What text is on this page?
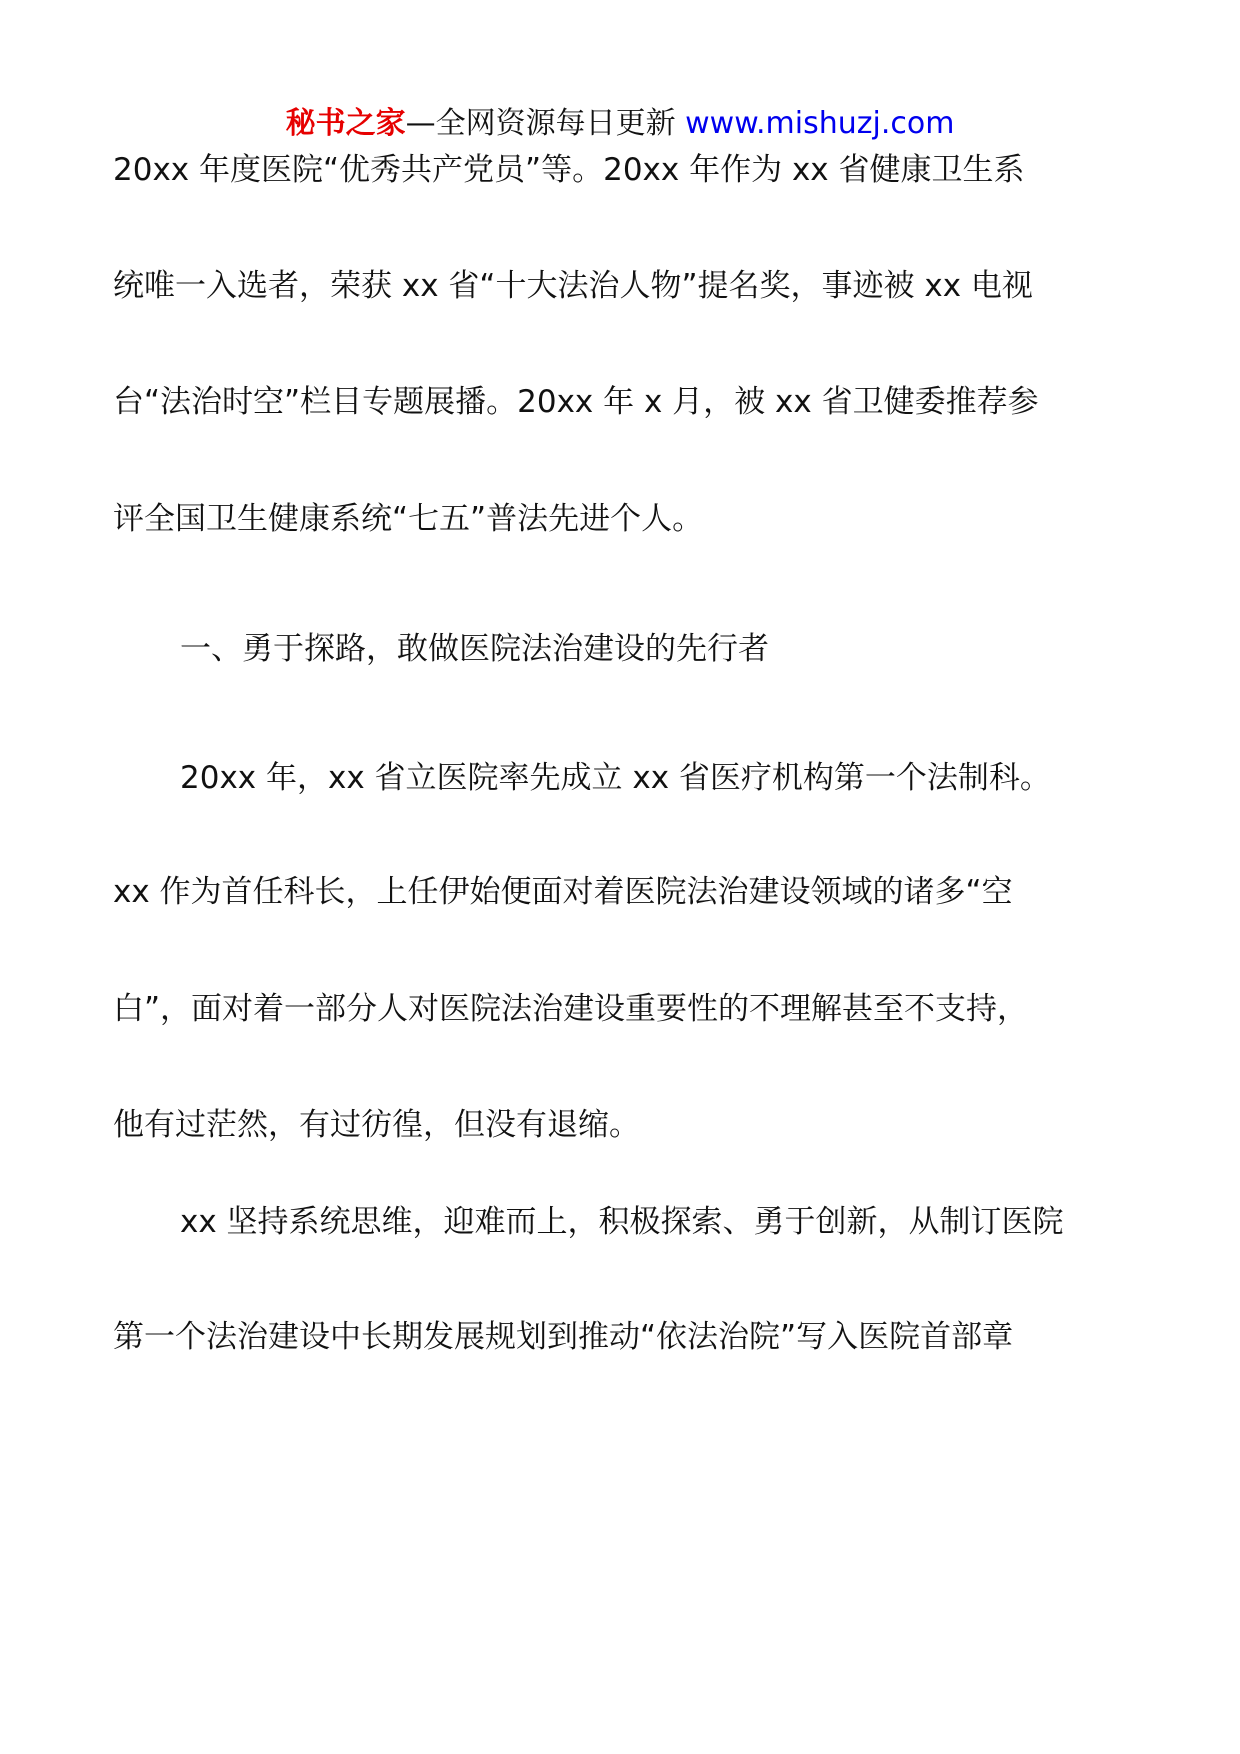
秘书之家—全网资源每日更新 www.mishuzj.com
20xx 年度医院“优秀共产党员”等。20xx 年作为 xx 省健康卫生系
统唯一入选者，荣获 xx 省“十大法治人物”提名奖，事迹被 xx 电视
台“法治时空”栏目专题展播。20xx 年 x 月，被 xx 省卫健委推荐参
评全国卫生健康系统“七五”普法先进个人。
一、勇于探路，敢做医院法治建设的先行者
20xx 年，xx 省立医院率先成立 xx 省医疗机构第一个法制科。
xx 作为首任科长，上任伊始便面对着医院法治建设领域的诸多“空
白”，面对着一部分人对医院法治建设重要性的不理解甚至不支持，
他有过茫然，有过彷徨，但没有退缩。
xx 坚持系统思维，迎难而上，积极探索、勇于创新，从制订医院
第一个法治建设中长期发展规划到推动“依法治院”写入医院首部章
